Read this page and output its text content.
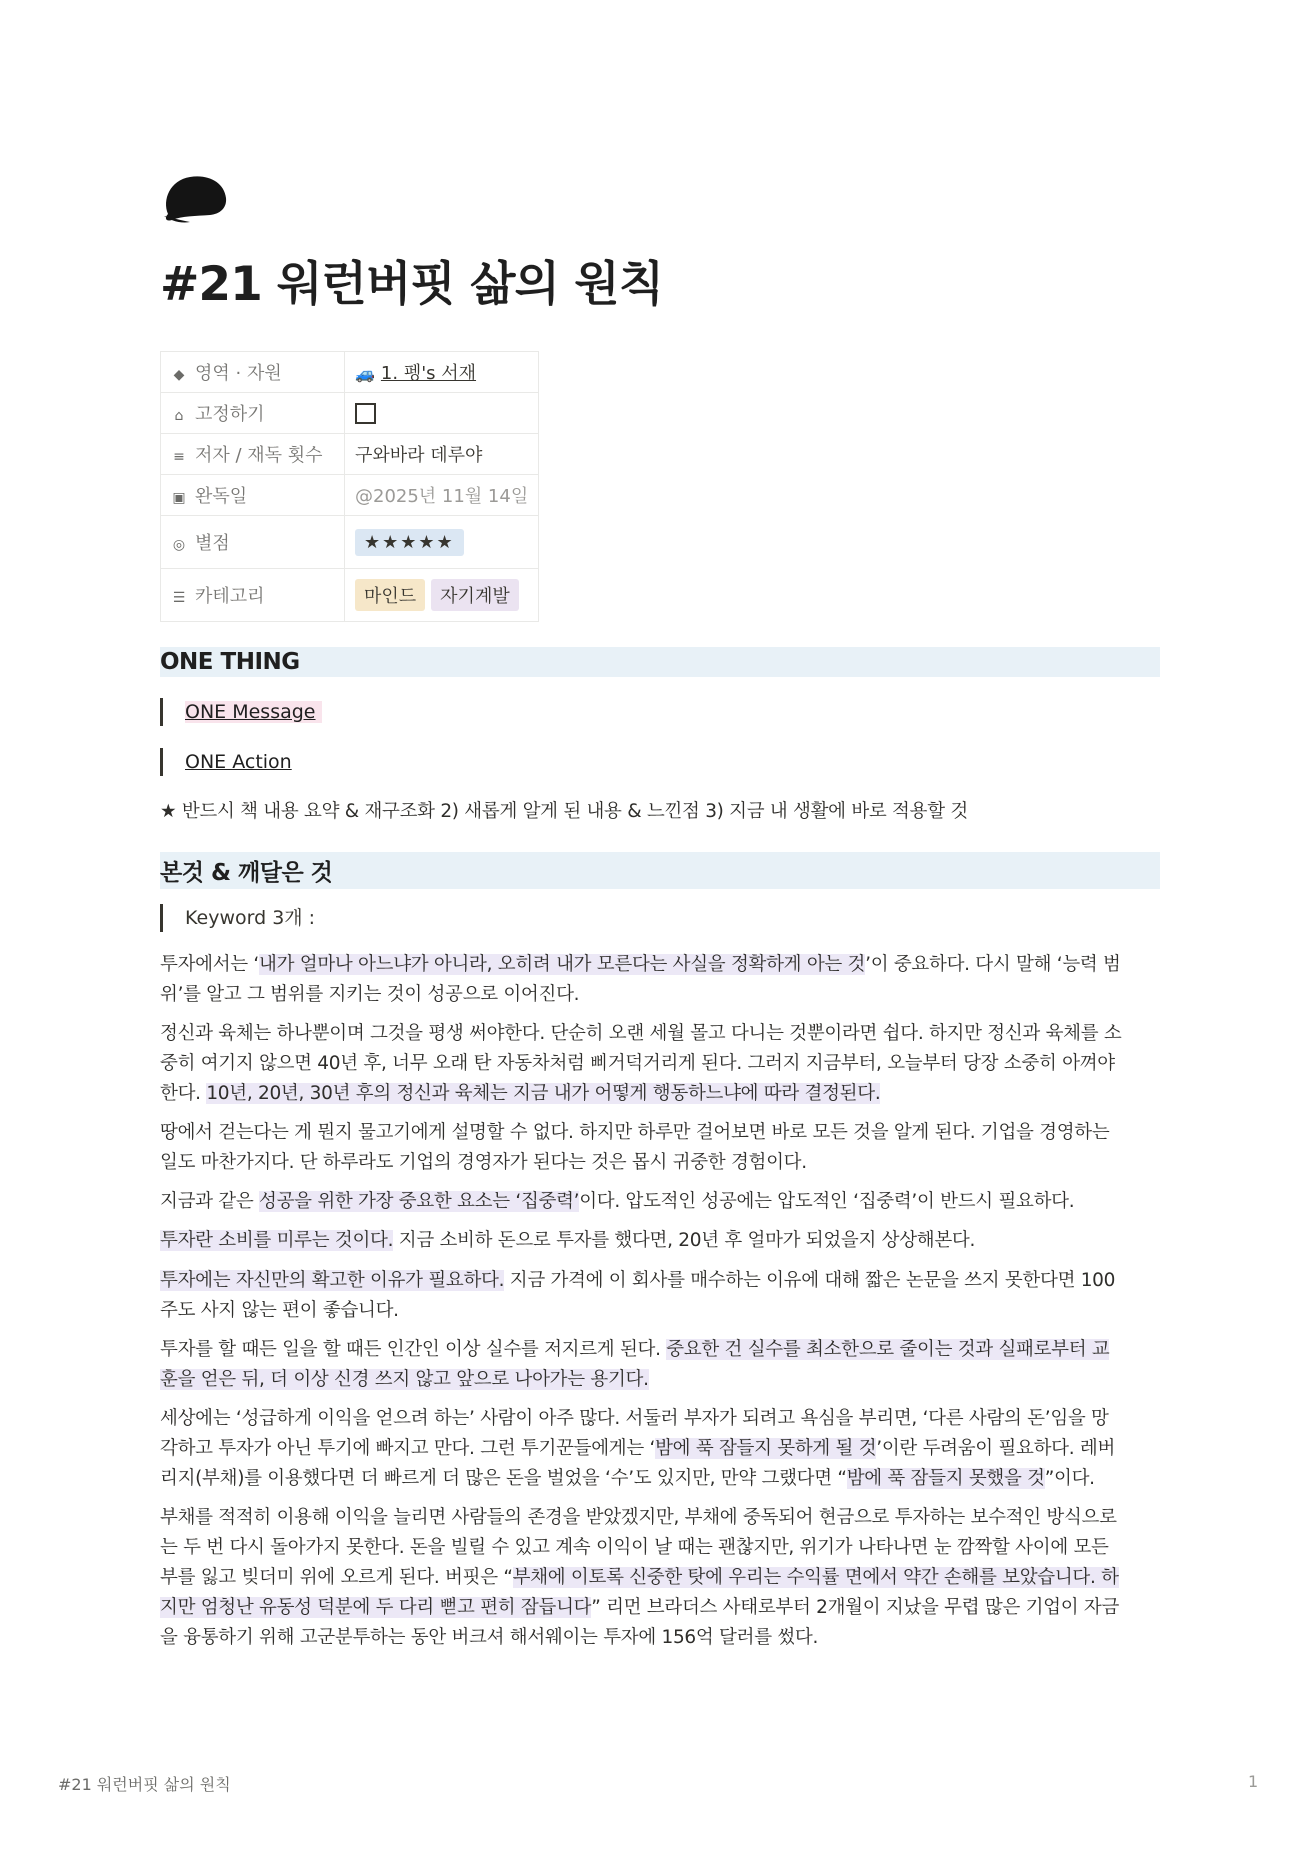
#21 워런버핏 삶의 원칙
◆ 영역 · 자원	🚙 1. 펭's 서재
⌂ 고정하기	
≡ 저자 / 재독 횟수	구와바라 데루야
▣ 완독일	@2025년 11월 14일
◎ 별점	★★★★★
☰ 카테고리	마인드 자기계발
ONE THING
ONE Message
ONE Action

★ 반드시 책 내용 요약 & 재구조화 2) 새롭게 알게 된 내용 & 느낀점 3) 지금 내 생활에 바로 적용할 것

본것 & 깨달은 것
Keyword 3개 :

투자에서는 ‘내가 얼마나 아느냐가 아니라, 오히려 내가 모른다는 사실을 정확하게 아는 것’이 중요하다. 다시 말해 ‘능력 범

위’를 알고 그 범위를 지키는 것이 성공으로 이어진다.

정신과 육체는 하나뿐이며 그것을 평생 써야한다. 단순히 오랜 세월 몰고 다니는 것뿐이라면 쉽다. 하지만 정신과 육체를 소

중히 여기지 않으면 40년 후, 너무 오래 탄 자동차처럼 삐거덕거리게 된다. 그러지 지금부터, 오늘부터 당장 소중히 아껴야

한다. 10년, 20년, 30년 후의 정신과 육체는 지금 내가 어떻게 행동하느냐에 따라 결정된다.

땅에서 걷는다는 게 뭔지 물고기에게 설명할 수 없다. 하지만 하루만 걸어보면 바로 모든 것을 알게 된다. 기업을 경영하는

일도 마찬가지다. 단 하루라도 기업의 경영자가 된다는 것은 몹시 귀중한 경험이다.

지금과 같은 성공을 위한 가장 중요한 요소는 ‘집중력’이다. 압도적인 성공에는 압도적인 ‘집중력’이 반드시 필요하다.

투자란 소비를 미루는 것이다. 지금 소비하 돈으로 투자를 했다면, 20년 후 얼마가 되었을지 상상해본다.

투자에는 자신만의 확고한 이유가 필요하다. 지금 가격에 이 회사를 매수하는 이유에 대해 짧은 논문을 쓰지 못한다면 100

주도 사지 않는 편이 좋습니다.

투자를 할 때든 일을 할 때든 인간인 이상 실수를 저지르게 된다. 중요한 건 실수를 최소한으로 줄이는 것과 실패로부터 교

훈을 얻은 뒤, 더 이상 신경 쓰지 않고 앞으로 나아가는 용기다.

세상에는 ‘성급하게 이익을 얻으려 하는’ 사람이 아주 많다. 서둘러 부자가 되려고 욕심을 부리면, ‘다른 사람의 돈’임을 망

각하고 투자가 아닌 투기에 빠지고 만다. 그런 투기꾼들에게는 ‘밤에 푹 잠들지 못하게 될 것’이란 두려움이 필요하다. 레버

리지(부채)를 이용했다면 더 빠르게 더 많은 돈을 벌었을 ‘수’도 있지만, 만약 그랬다면 “밤에 푹 잠들지 못했을 것”이다.

부채를 적적히 이용해 이익을 늘리면 사람들의 존경을 받았겠지만, 부채에 중독되어 현금으로 투자하는 보수적인 방식으로

는 두 번 다시 돌아가지 못한다. 돈을 빌릴 수 있고 계속 이익이 날 때는 괜찮지만, 위기가 나타나면 눈 깜짝할 사이에 모든

부를 잃고 빚더미 위에 오르게 된다. 버핏은 “부채에 이토록 신중한 탓에 우리는 수익률 면에서 약간 손해를 보았습니다. 하

지만 엄청난 유동성 덕분에 두 다리 뻗고 편히 잠듭니다” 리먼 브라더스 사태로부터 2개월이 지났을 무렵 많은 기업이 자금

을 융통하기 위해 고군분투하는 동안 버크셔 해서웨이는 투자에 156억 달러를 썼다.

#21 워런버핏 삶의 원칙	1
